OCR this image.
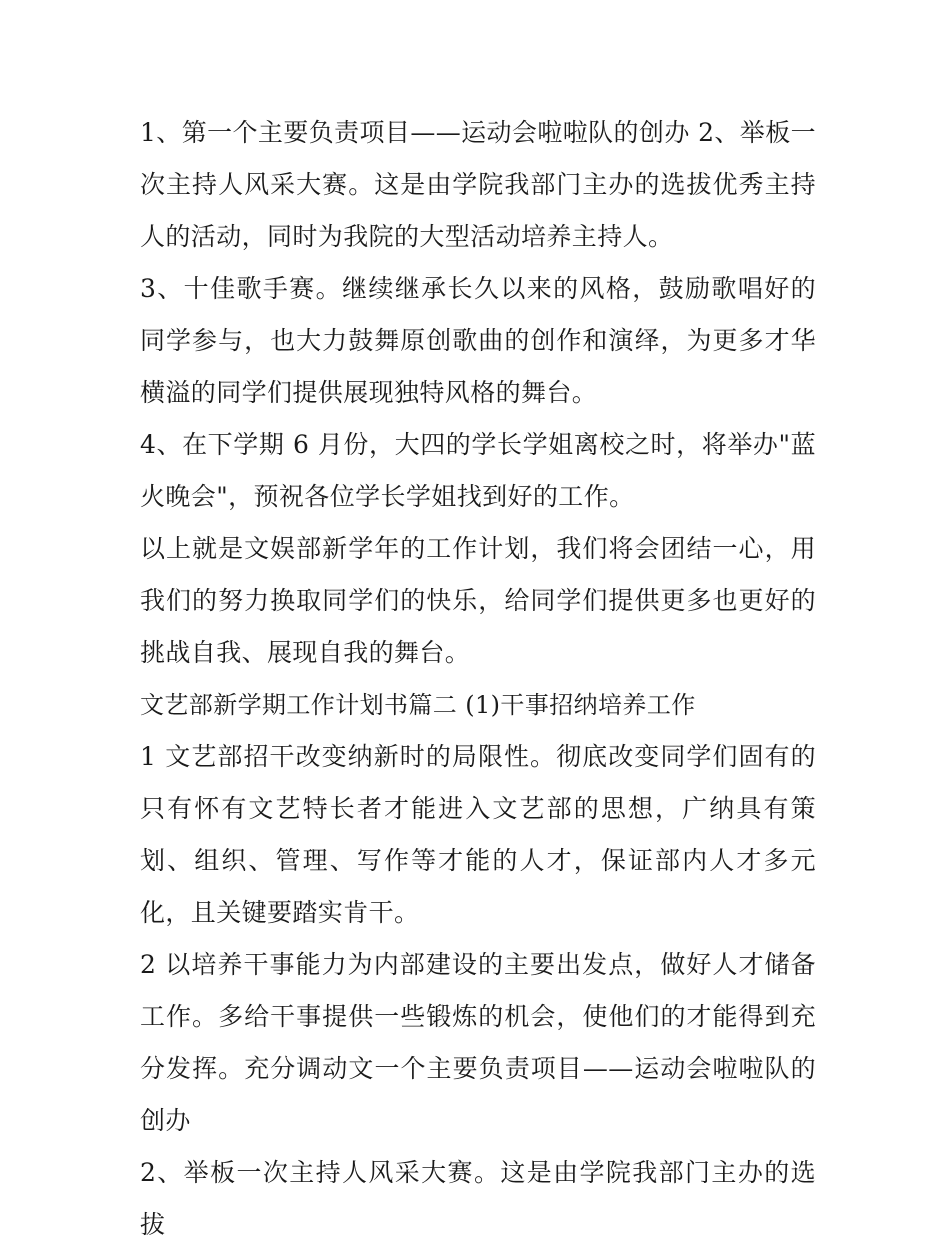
1、第一个主要负责项目——运动会啦啦队的创办 2、举板一次主持人风采大赛。这是由学院我部门主办的选拔优秀主持人的活动，同时为我院的大型活动培养主持人。

3、十佳歌手赛。继续继承长久以来的风格，鼓励歌唱好的同学参与，也大力鼓舞原创歌曲的创作和演绎，为更多才华横溢的同学们提供展现独特风格的舞台。

4、在下学期 6 月份，大四的学长学姐离校之时，将举办"蓝火晚会"，预祝各位学长学姐找到好的工作。

以上就是文娱部新学年的工作计划，我们将会团结一心，用我们的努力换取同学们的快乐，给同学们提供更多也更好的挑战自我、展现自我的舞台。

文艺部新学期工作计划书篇二 (1)干事招纳培养工作

1 文艺部招干改变纳新时的局限性。彻底改变同学们固有的只有怀有文艺特长者才能进入文艺部的思想，广纳具有策划、组织、管理、写作等才能的人才，保证部内人才多元化，且关键要踏实肯干。

2 以培养干事能力为内部建设的主要出发点，做好人才储备工作。多给干事提供一些锻炼的机会，使他们的才能得到充分发挥。充分调动文一个主要负责项目——运动会啦啦队的创办

2、举板一次主持人风采大赛。这是由学院我部门主办的选拔
